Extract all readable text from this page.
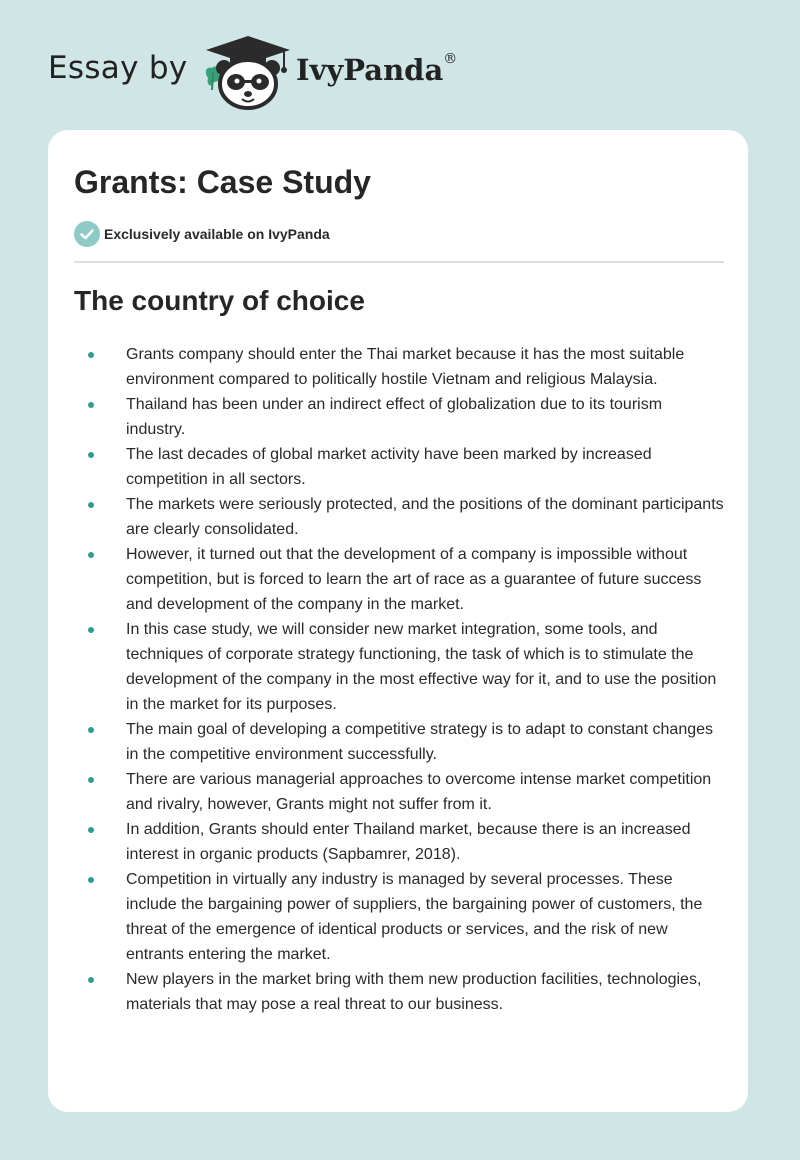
Essay by	IvyPanda®
Grants: Case Study
Exclusively available on IvyPanda
The country of choice
Grants company should enter the Thai market because it has the most suitable environment compared to politically hostile Vietnam and religious Malaysia.
Thailand has been under an indirect effect of globalization due to its tourism industry.
The last decades of global market activity have been marked by increased competition in all sectors.
The markets were seriously protected, and the positions of the dominant participants are clearly consolidated.
However, it turned out that the development of a company is impossible without competition, but is forced to learn the art of race as a guarantee of future success and development of the company in the market.
In this case study, we will consider new market integration, some tools, and techniques of corporate strategy functioning, the task of which is to stimulate the development of the company in the most effective way for it, and to use the position in the market for its purposes.
The main goal of developing a competitive strategy is to adapt to constant changes in the competitive environment successfully.
There are various managerial approaches to overcome intense market competition and rivalry, however, Grants might not suffer from it.
In addition, Grants should enter Thailand market, because there is an increased interest in organic products (Sapbamrer, 2018).
Competition in virtually any industry is managed by several processes. These include the bargaining power of suppliers, the bargaining power of customers, the threat of the emergence of identical products or services, and the risk of new entrants entering the market.
New players in the market bring with them new production facilities, technologies, materials that may pose a real threat to our business.
